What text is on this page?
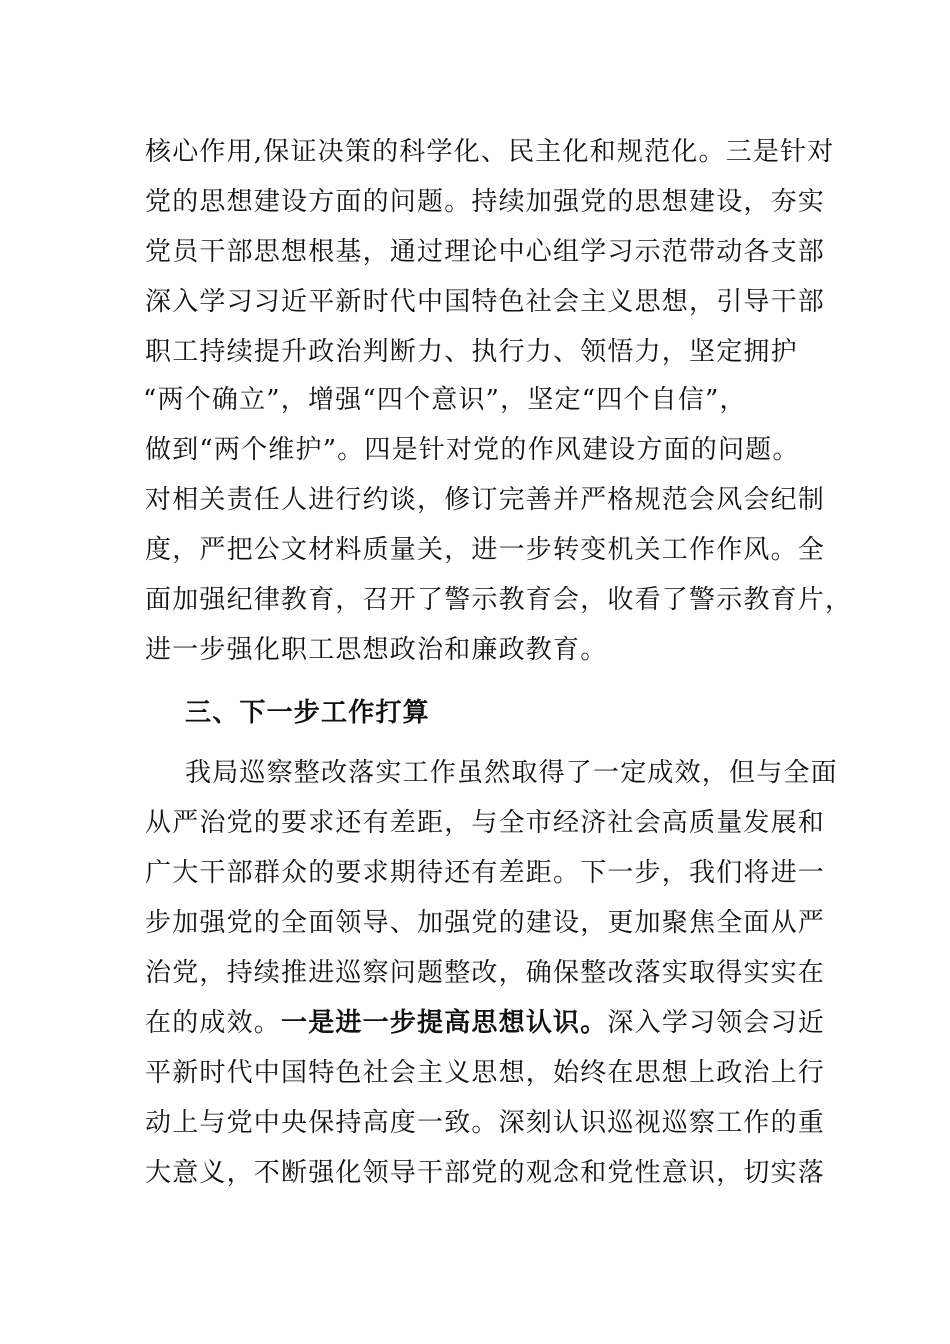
核心作用,保证决策的科学化、民主化和规范化。三是针对
党的思想建设方面的问题。持续加强党的思想建设，夯实
党员干部思想根基，通过理论中心组学习示范带动各支部
深入学习习近平新时代中国特色社会主义思想，引导干部
职工持续提升政治判断力、执行力、领悟力，坚定拥护
“两个确立”，增强“四个意识”，坚定“四个自信”，
做到“两个维护”。四是针对党的作风建设方面的问题。
对相关责任人进行约谈，修订完善并严格规范会风会纪制
度，严把公文材料质量关，进一步转变机关工作作风。全
面加强纪律教育，召开了警示教育会，收看了警示教育片，
进一步强化职工思想政治和廉政教育。
三、下一步工作打算
我局巡察整改落实工作虽然取得了一定成效，但与全面
从严治党的要求还有差距，与全市经济社会高质量发展和
广大干部群众的要求期待还有差距。下一步，我们将进一
步加强党的全面领导、加强党的建设，更加聚焦全面从严
治党，持续推进巡察问题整改，确保整改落实取得实实在
在的成效。一是进一步提高思想认识。深入学习领会习近
平新时代中国特色社会主义思想，始终在思想上政治上行
动上与党中央保持高度一致。深刻认识巡视巡察工作的重
大意义，不断强化领导干部党的观念和党性意识，切实落
